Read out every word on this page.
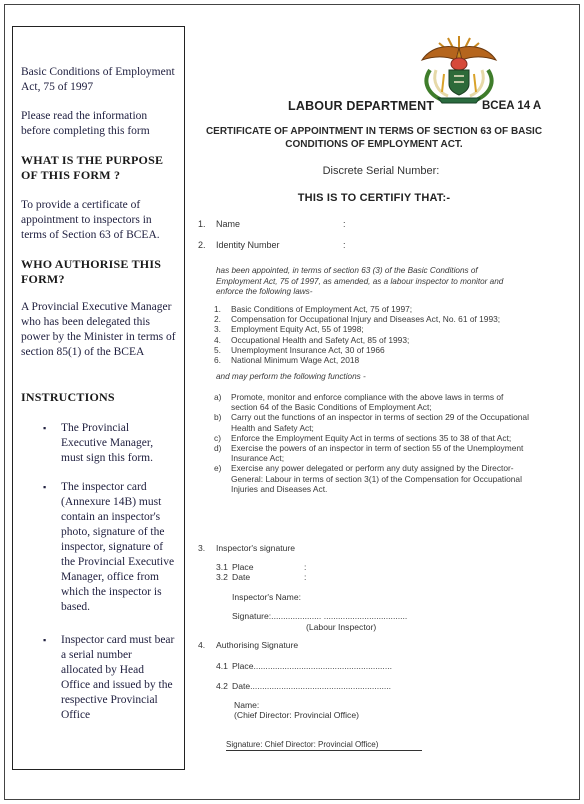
Basic Conditions of Employment Act, 75 of 1997

Please read the information before completing this form

WHAT IS THE PURPOSE OF THIS FORM ?

To provide a certificate of appointment to inspectors in terms of Section 63 of BCEA.

WHO AUTHORISE THIS FORM?

A Provincial Executive Manager who has been delegated this power by the Minister in terms of section 85(1) of the BCEA

INSTRUCTIONS

▪ The Provincial Executive Manager, must sign this form.
▪ The inspector card (Annexure 14B) must contain an inspector's photo, signature of the inspector, signature of the Provincial Executive Manager, office from which the inspector is based.
▪ Inspector card must bear a serial number allocated by Head Office and issued by the respective Provincial Office
LABOUR DEPARTMENT	BCEA 14 A
CERTIFICATE OF APPOINTMENT IN TERMS OF SECTION 63 OF BASIC CONDITIONS OF EMPLOYMENT ACT.
Discrete Serial Number:
THIS IS TO CERTIFIY THAT:-
1. Name	:
2. Identity Number	:

has been appointed, in terms of section 63 (3) of the Basic Conditions of Employment Act, 75 of 1997, as amended, as a labour inspector to monitor and enforce the following laws-

1. Basic Conditions of Employment Act, 75 of 1997;
2. Compensation for Occupational Injury and Diseases Act, No. 61 of 1993;
3. Employment Equity Act, 55 of 1998;
4. Occupational Health and Safety Act, 85 of 1993;
5. Unemployment Insurance Act, 30 of 1966
6. National Minimum Wage Act, 2018

and may perform the following functions -

a) Promote, monitor and enforce compliance with the above laws in terms of section 64 of the Basic Conditions of Employment Act;
b) Carry out the functions of an inspector in terms of section 29 of the Occupational Health and Safety Act;
c) Enforce the Employment Equity Act in terms of sections 35 to 38 of that Act;
d) Exercise the powers of an inspector in term of section 55 of the Unemployment Insurance Act;
e) Exercise any power delegated or perform any duty assigned by the Director-General: Labour in terms of section 3(1) of the Compensation for Occupational Injuries and Diseases Act.
3. Inspector's signature
3.1 Place	:
3.2 Date	:
Inspector's Name:
Signature:..................... ...................................
(Labour Inspector)
4. Authorising Signature
4.1 Place..........................................................
4.2 Date...........................................................
Name:
(Chief Director: Provincial Office)
Signature: Chief Director: Provincial Office)
